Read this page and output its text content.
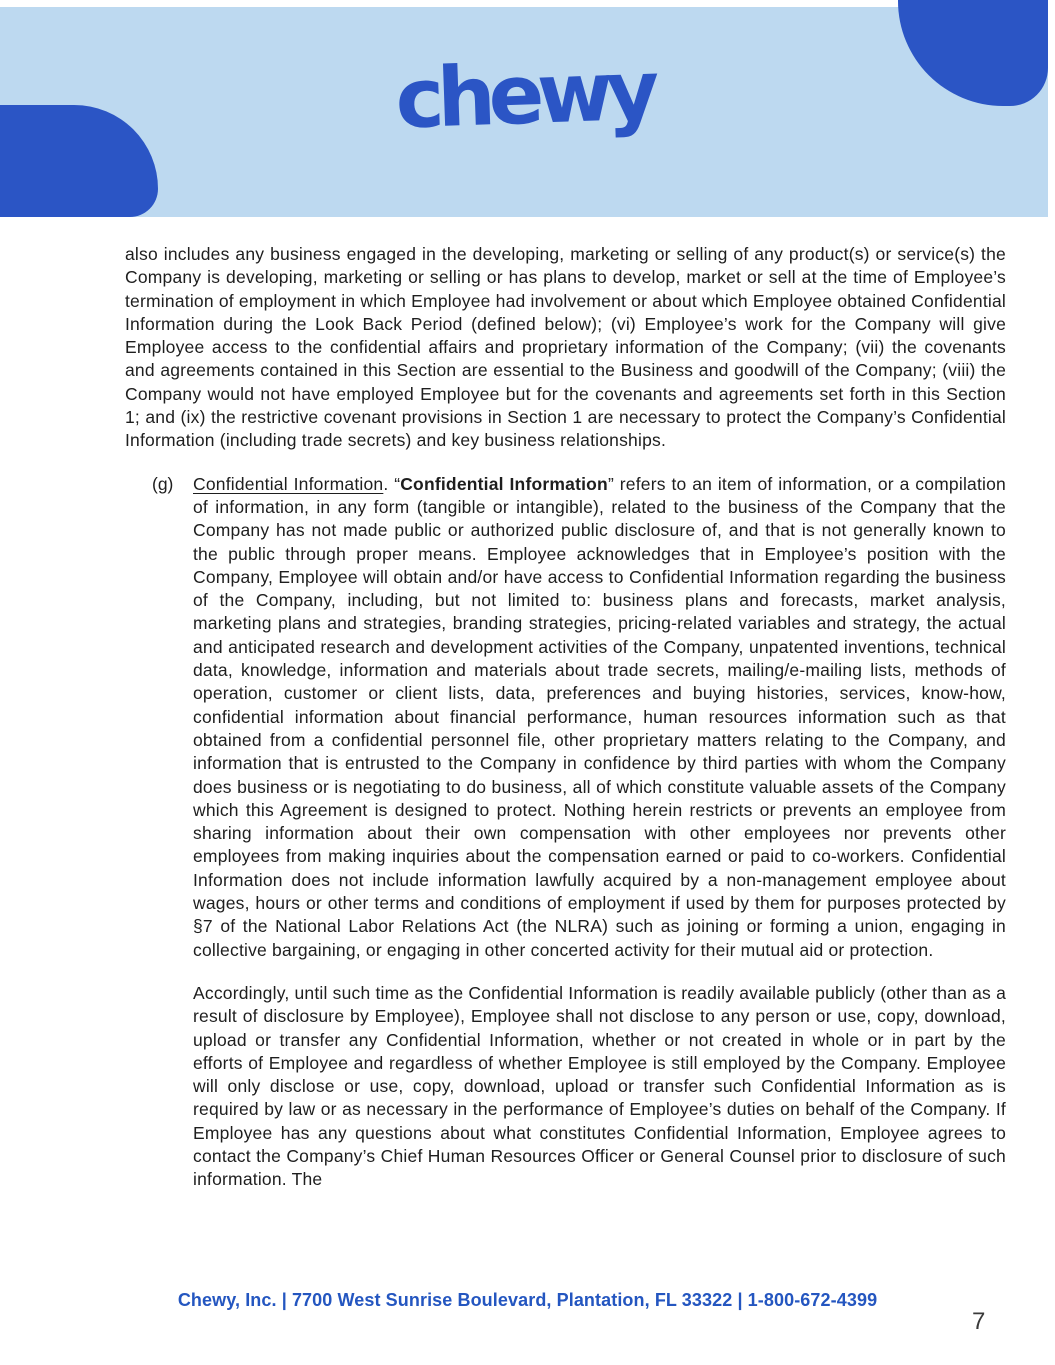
chewy

also includes any business engaged in the developing, marketing or selling of any product(s) or service(s) the Company is developing, marketing or selling or has plans to develop, market or sell at the time of Employee’s termination of employment in which Employee had involvement or about which Employee obtained Confidential Information during the Look Back Period (defined below); (vi) Employee’s work for the Company will give Employee access to the confidential affairs and proprietary information of the Company; (vii) the covenants and agreements contained in this Section are essential to the Business and goodwill of the Company; (viii) the Company would not have employed Employee but for the covenants and agreements set forth in this Section 1; and (ix) the restrictive covenant provisions in Section 1 are necessary to protect the Company’s Confidential Information (including trade secrets) and key business relationships.

(g) Confidential Information. “Confidential Information” refers to an item of information, or a compilation of information, in any form (tangible or intangible), related to the business of the Company that the Company has not made public or authorized public disclosure of, and that is not generally known to the public through proper means. Employee acknowledges that in Employee’s position with the Company, Employee will obtain and/or have access to Confidential Information regarding the business of the Company, including, but not limited to: business plans and forecasts, market analysis, marketing plans and strategies, branding strategies, pricing-related variables and strategy, the actual and anticipated research and development activities of the Company, unpatented inventions, technical data, knowledge, information and materials about trade secrets, mailing/e-mailing lists, methods of operation, customer or client lists, data, preferences and buying histories, services, know-how, confidential information about financial performance, human resources information such as that obtained from a confidential personnel file, other proprietary matters relating to the Company, and information that is entrusted to the Company in confidence by third parties with whom the Company does business or is negotiating to do business, all of which constitute valuable assets of the Company which this Agreement is designed to protect. Nothing herein restricts or prevents an employee from sharing information about their own compensation with other employees nor prevents other employees from making inquiries about the compensation earned or paid to co-workers. Confidential Information does not include information lawfully acquired by a non-management employee about wages, hours or other terms and conditions of employment if used by them for purposes protected by §7 of the National Labor Relations Act (the NLRA) such as joining or forming a union, engaging in collective bargaining, or engaging in other concerted activity for their mutual aid or protection.

Accordingly, until such time as the Confidential Information is readily available publicly (other than as a result of disclosure by Employee), Employee shall not disclose to any person or use, copy, download, upload or transfer any Confidential Information, whether or not created in whole or in part by the efforts of Employee and regardless of whether Employee is still employed by the Company. Employee will only disclose or use, copy, download, upload or transfer such Confidential Information as is required by law or as necessary in the performance of Employee’s duties on behalf of the Company. If Employee has any questions about what constitutes Confidential Information, Employee agrees to contact the Company’s Chief Human Resources Officer or General Counsel prior to disclosure of such information. The

Chewy, Inc. | 7700 West Sunrise Boulevard, Plantation, FL 33322 | 1-800-672-4399
7
